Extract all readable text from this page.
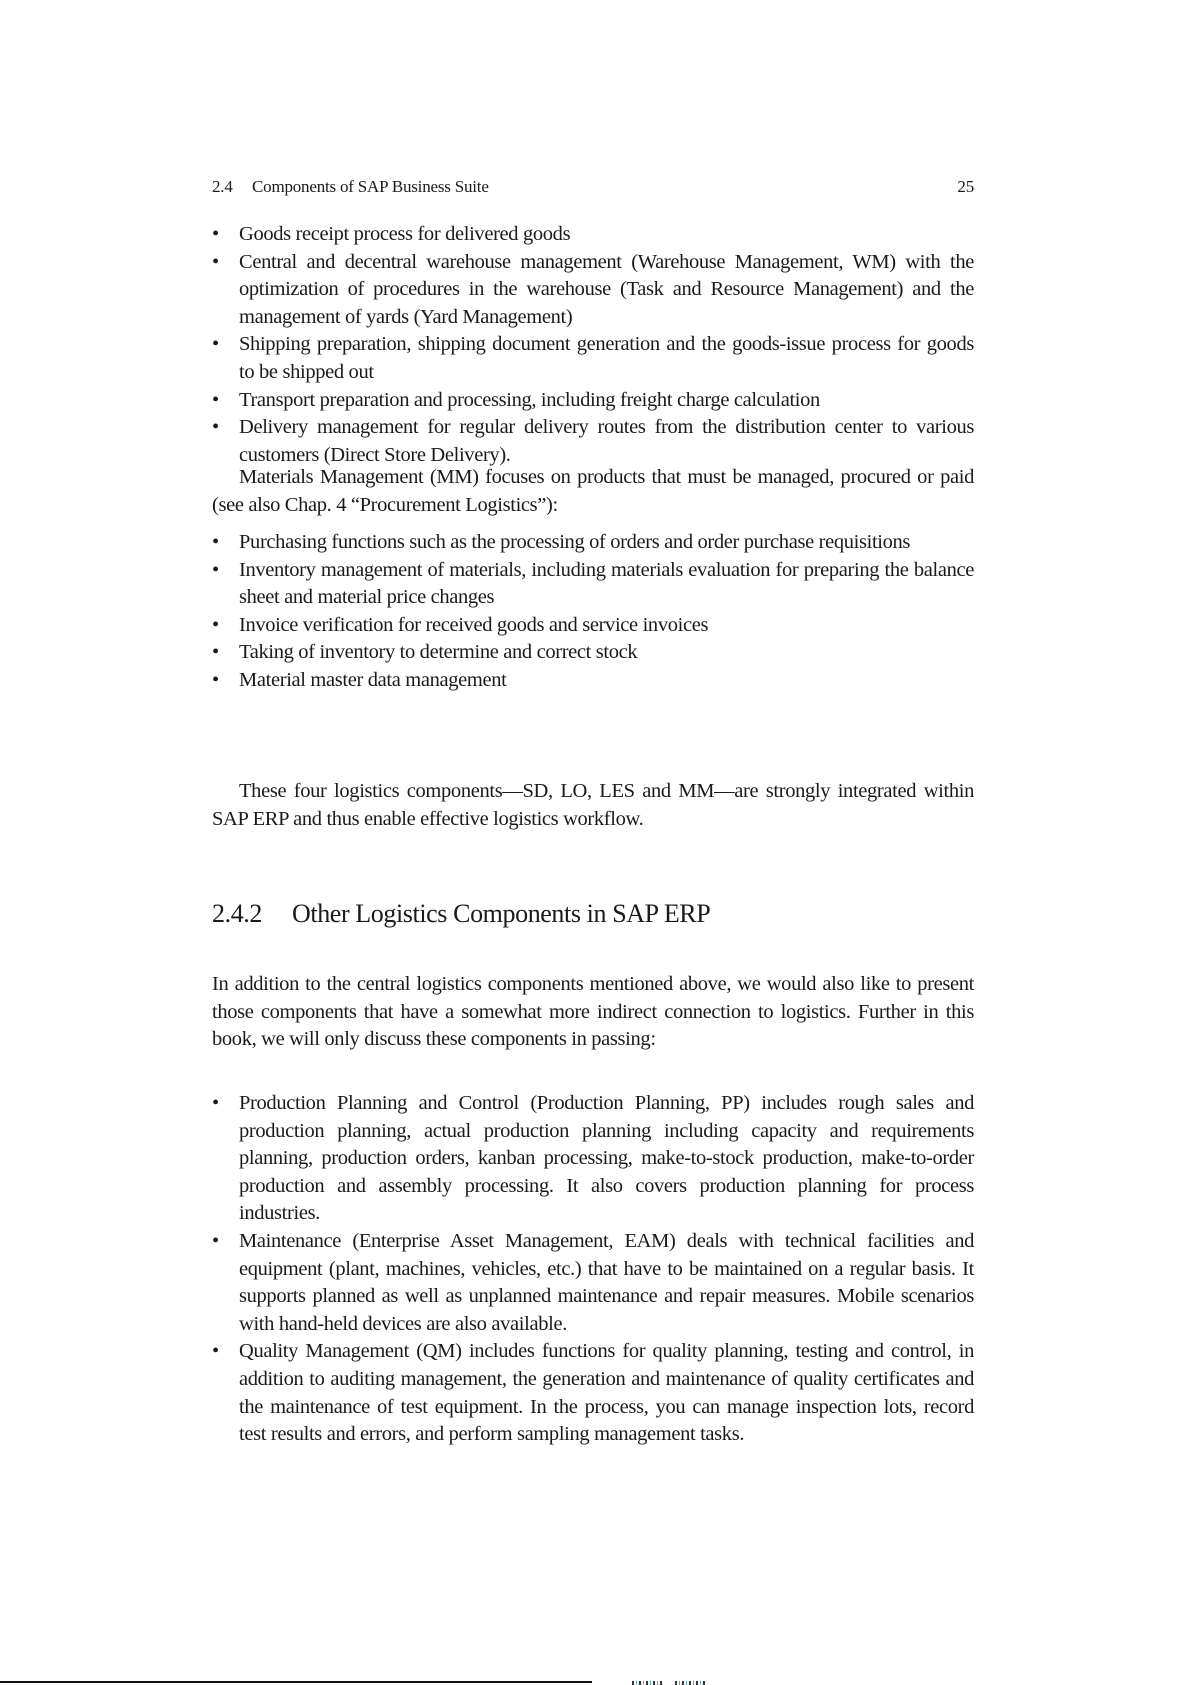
2.4 Components of SAP Business Suite	25
• Goods receipt process for delivered goods
• Central and decentral warehouse management (Warehouse Management, WM) with the optimization of procedures in the warehouse (Task and Resource Management) and the management of yards (Yard Management)
• Shipping preparation, shipping document generation and the goods-issue process for goods to be shipped out
• Transport preparation and processing, including freight charge calculation
• Delivery management for regular delivery routes from the distribution center to various customers (Direct Store Delivery).

Materials Management (MM) focuses on products that must be managed, procured or paid (see also Chap. 4 “Procurement Logistics”):

• Purchasing functions such as the processing of orders and order purchase requisitions
• Inventory management of materials, including materials evaluation for preparing the balance sheet and material price changes
• Invoice verification for received goods and service invoices
• Taking of inventory to determine and correct stock
• Material master data management

These four logistics components—SD, LO, LES and MM—are strongly integrated within SAP ERP and thus enable effective logistics workflow.

2.4.2 Other Logistics Components in SAP ERP

In addition to the central logistics components mentioned above, we would also like to present those components that have a somewhat more indirect connection to logistics. Further in this book, we will only discuss these components in passing:

• Production Planning and Control (Production Planning, PP) includes rough sales and production planning, actual production planning including capacity and requirements planning, production orders, kanban processing, make-to-stock production, make-to-order production and assembly processing. It also covers production planning for process industries.
• Maintenance (Enterprise Asset Management, EAM) deals with technical facilities and equipment (plant, machines, vehicles, etc.) that have to be maintained on a regular basis. It supports planned as well as unplanned maintenance and repair measures. Mobile scenarios with hand-held devices are also available.
• Quality Management (QM) includes functions for quality planning, testing and control, in addition to auditing management, the generation and maintenance of quality certificates and the maintenance of test equipment. In the process, you can manage inspection lots, record test results and errors, and perform sampling management tasks.
